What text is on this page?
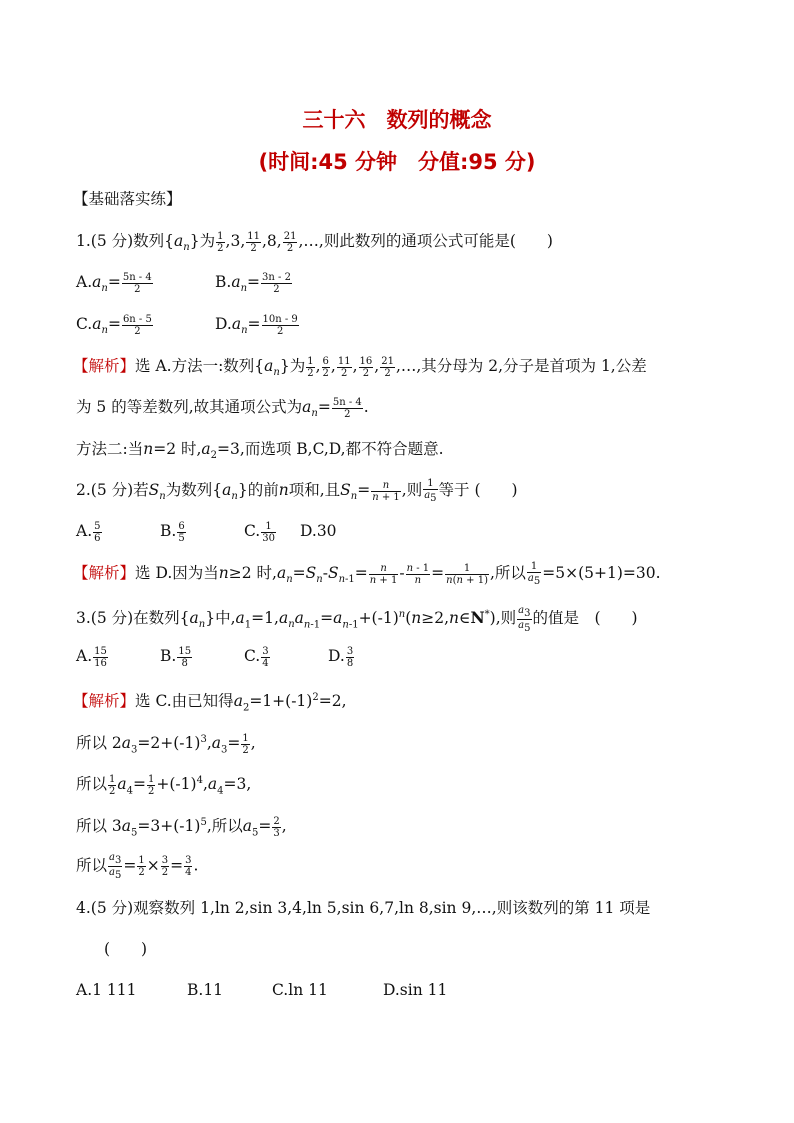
三十六　数列的概念
(时间:45 分钟　分值:95 分)
【基础落实练】
1.(5 分)数列$\{a_n\}$为 $\frac{1}{2} ,3$, $\frac{11}{2} ,8$, $\frac{21}{2}$ ,…,则此数列的通项公式可能是(　　)
$A.a_n= \frac{5n - 4}{2}$	$B.a_n= \frac{3n - 2}{2}$
$C.a_n= \frac{6n - 5}{2}$	$D.a_n= \frac{10n - 9}{2}$
【解析】选 A.方法一:数列$\{a_n\}$为 $\frac{1}{2}$ , $\frac{6}{2}$ , $\frac{11}{2}$ , $\frac{16}{2}$ , $\frac{21}{2}$ ,…,其分母为 2,分子是首项为 1,公差
为 5 的等差数列,故其通项公式为$a_n= \frac{5n - 4}{2}$ .
方法二:当n=2 时$,a_2=3$,而选项 B,C,D,都不符合题意.
2.(5 分)若$S_n$为数列$\{a_n\}$的前n项和,且$S_n= \frac{n}{n + 1}$ ,则 $\frac{1}{a_5}$ 等于 (　　)
A. $\frac{5}{6}$	B. $\frac{6}{5}$	C. $\frac{1}{30} D.30$
【解析】选 D.因为当n≥2 时$,a_n=S_n-S_{n-1}= \frac{n}{n + 1} - \frac{n - 1}{n} = \frac{1}{n(n + 1)}$ ,所以 $\frac{1}{a_5} =5\times(5+1)=30$.
3.(5 分)在数列$\{a_n\}$中$,a_1=1,a_na_{n-1}=a_{n-1}+(-1)^n(n\ge 2,n\in N^*)$,则 $\frac{a_3}{a_5}$ 的值是　(　　)
A. $\frac{15}{16}$	B. $\frac{15}{8}$	C. $\frac{3}{4}$	D. $\frac{3}{8}$
【解析】选 C.由已知得$a_2=1+(-1)^2=2$,
所以 $2a_3=2+(-1)^3,a_3= \frac{1}{2}$ ,
所以 $\frac{1}{2} a_4= \frac{1}{2} +(-1)^4,a_4=3$,
所以 $3a_5=3+(-1)^5$,所以$a_5= \frac{2}{3}$ ,
所以 $\frac{a_3}{a_5} = \frac{1}{2} \times \frac{3}{2} = \frac{3}{4}$ .
4.(5 分)观察数列 1,ln 2,sin 3,4,ln 5,sin 6,7,ln 8,sin 9,…,则该数列的第 11 项是
(　　)
A.1 111	B.11	C.ln 11	D.sin 11
